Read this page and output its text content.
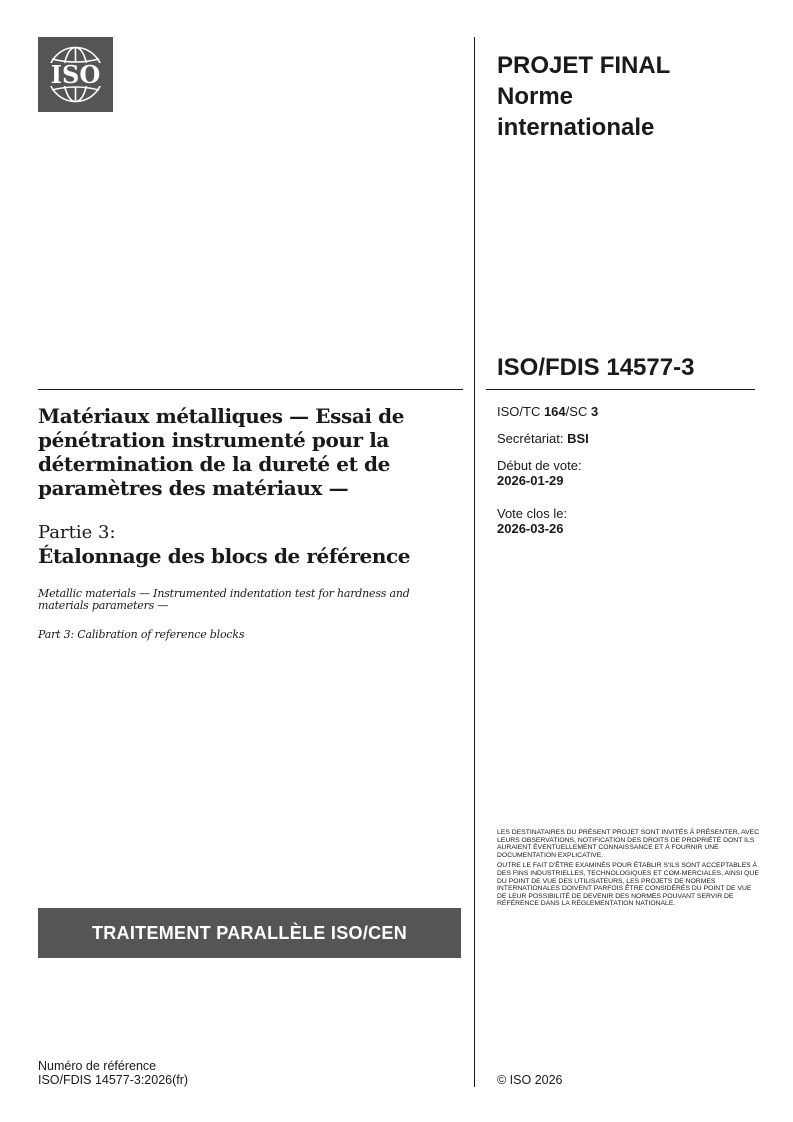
ISO	PROJET FINAL
Norme
internationale
ISO/FDIS 14577-3
ISO/TC 164/SC 3
Secrétariat: BSI
Début de vote:
2026-01-29
Vote clos le:
2026-03-26
Matériaux métalliques — Essai de pénétration instrumenté pour la détermination de la dureté et de paramètres des matériaux —
Partie 3:
Étalonnage des blocs de référence
Metallic materials — Instrumented indentation test for hardness and materials parameters —
Part 3: Calibration of reference blocks
TRAITEMENT PARALLÈLE ISO/CEN

LES DESTINATAIRES DU PRÉSENT PROJET SONT INVITÉS À PRÉSENTER, AVEC LEURS OBSERVATIONS, NOTIFICATION DES DROITS DE PROPRIÉTÉ DONT ILS AURAIENT ÉVENTUELLEMENT CONNAISSANCE ET À FOURNIR UNE DOCUMENTATION EXPLICATIVE.

OUTRE LE FAIT D'ÊTRE EXAMINÉS POUR ÉTABLIR S'ILS SONT ACCEPTABLES À DES FINS INDUSTRIELLES, TECHNOLOGIQUES ET COM-MERCIALES, AINSI QUE DU POINT DE VUE DES UTILISATEURS, LES PROJETS DE NORMES INTERNATIONALES DOIVENT PARFOIS ÊTRE CONSIDÉRÉS DU POINT DE VUE DE LEUR POSSIBILITÉ DE DEVENIR DES NORMES POUVANT SERVIR DE RÉFÉRENCE DANS LA RÉGLEMENTATION NATIONALE.

Numéro de référence
ISO/FDIS 14577-3:2026(fr)	© ISO 2026
